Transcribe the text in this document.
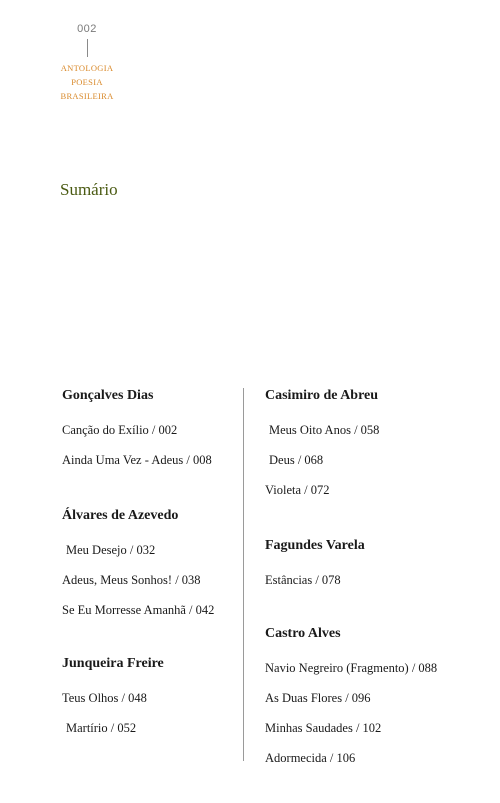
002
ANTOLOGIA
POESIA
BRASILEIRA
Sumário
Gonçalves Dias
Canção do Exílio / 002
Ainda Uma Vez - Adeus / 008
Álvares de Azevedo
Meu Desejo / 032
Adeus, Meus Sonhos! / 038
Se Eu Morresse Amanhã / 042
Junqueira Freire
Teus Olhos / 048
Martírio / 052
Casimiro de Abreu
Meus Oito Anos / 058
Deus / 068
Violeta / 072
Fagundes Varela
Estâncias / 078
Castro Alves
Navio Negreiro (Fragmento) / 088
As Duas Flores / 096
Minhas Saudades / 102
Adormecida / 106
